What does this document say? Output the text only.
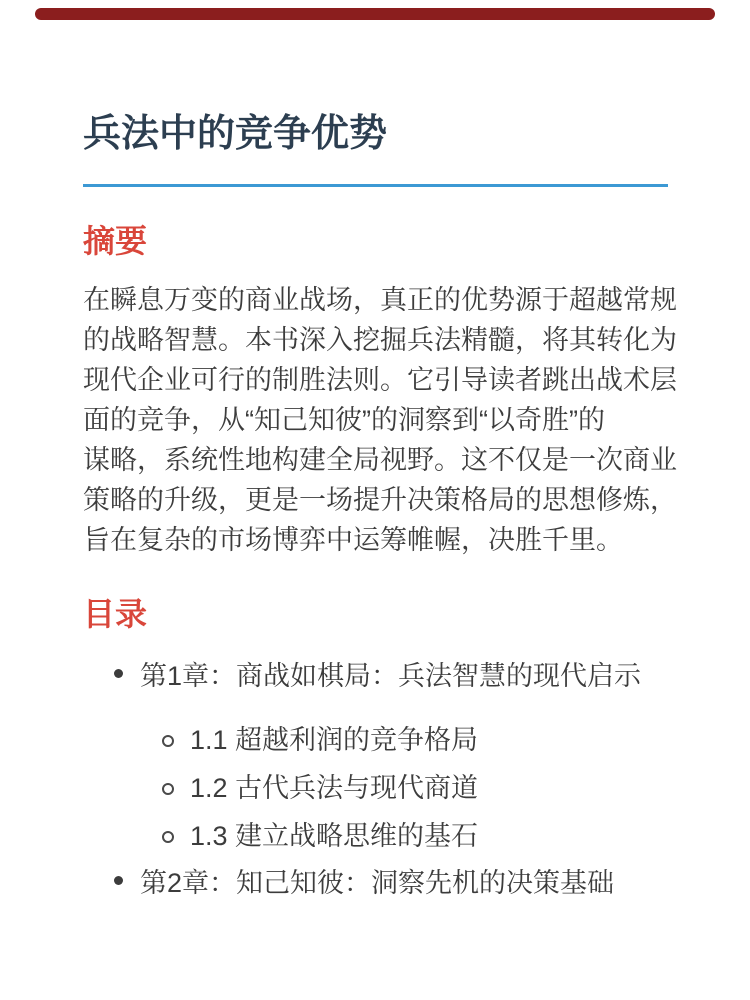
兵法中的竞争优势
摘要
在瞬息万变的商业战场，真正的优势源于超越常规
的战略智慧。本书深入挖掘兵法精髓，将其转化为
现代企业可行的制胜法则。它引导读者跳出战术层
面的竞争，从“知己知彼”的洞察到“以奇胜”的
谋略，系统性地构建全局视野。这不仅是一次商业
策略的升级，更是一场提升决策格局的思想修炼，
旨在复杂的市场博弈中运筹帷幄，决胜千里。
目录
第1章：商战如棋局：兵法智慧的现代启示
1.1 超越利润的竞争格局
1.2 古代兵法与现代商道
1.3 建立战略思维的基石
第2章：知己知彼：洞察先机的决策基础
